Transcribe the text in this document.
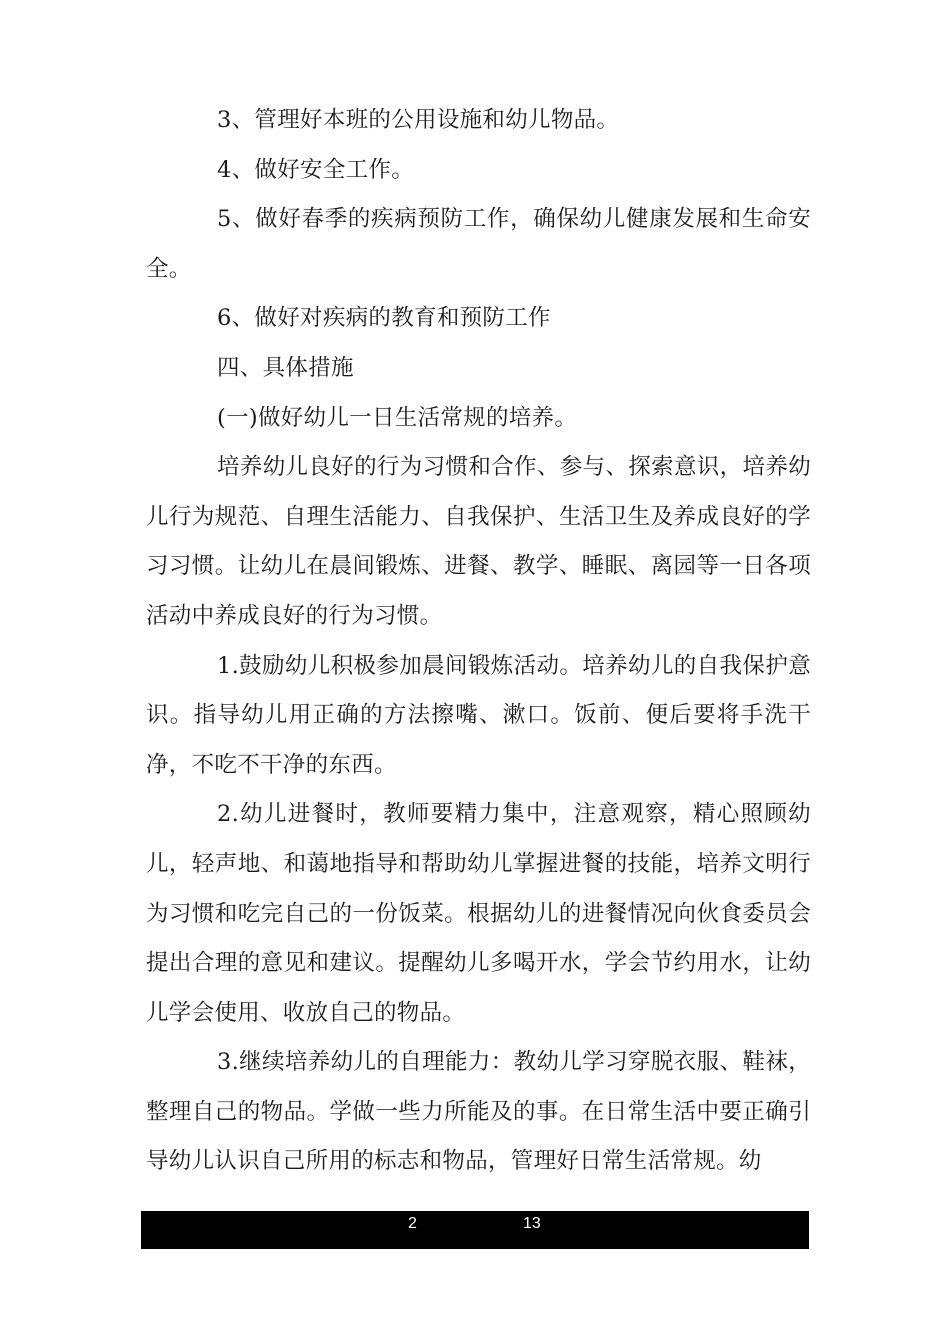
3、管理好本班的公用设施和幼儿物品。

4、做好安全工作。

5、做好春季的疾病预防工作，确保幼儿健康发展和生命安全。

6、做好对疾病的教育和预防工作

四、具体措施

(一)做好幼儿一日生活常规的培养。

培养幼儿良好的行为习惯和合作、参与、探索意识，培养幼儿行为规范、自理生活能力、自我保护、生活卫生及养成良好的学习习惯。让幼儿在晨间锻炼、进餐、教学、睡眠、离园等一日各项活动中养成良好的行为习惯。

1.鼓励幼儿积极参加晨间锻炼活动。培养幼儿的自我保护意识。指导幼儿用正确的方法擦嘴、漱口。饭前、便后要将手洗干净，不吃不干净的东西。

2.幼儿进餐时，教师要精力集中，注意观察，精心照顾幼儿，轻声地、和蔼地指导和帮助幼儿掌握进餐的技能，培养文明行为习惯和吃完自己的一份饭菜。根据幼儿的进餐情况向伙食委员会提出合理的意见和建议。提醒幼儿多喝开水，学会节约用水，让幼儿学会使用、收放自己的物品。

3.继续培养幼儿的自理能力：教幼儿学习穿脱衣服、鞋袜，整理自己的物品。学做一些力所能及的事。在日常生活中要正确引导幼儿认识自己所用的标志和物品，管理好日常生活常规。幼

2	13
